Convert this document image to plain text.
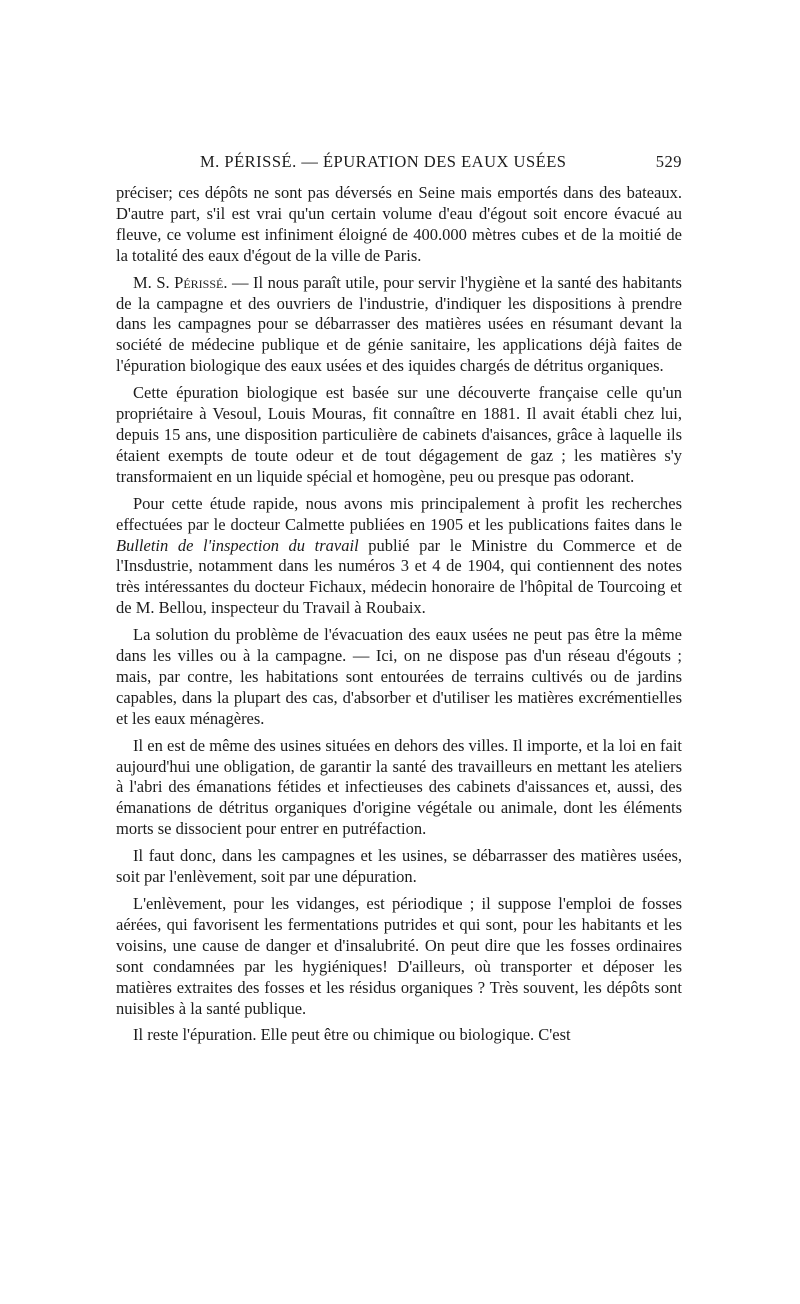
M. PÉRISSÉ. — ÉPURATION DES EAUX USÉES	529

préciser; ces dépôts ne sont pas déversés en Seine mais emportés dans des bateaux. D'autre part, s'il est vrai qu'un certain volume d'eau d'égout soit encore évacué au fleuve, ce volume est infiniment éloigné de 400.000 mètres cubes et de la moitié de la totalité des eaux d'égout de la ville de Paris.

M. S. Périssé. — Il nous paraît utile, pour servir l'hygiène et la santé des habitants de la campagne et des ouvriers de l'industrie, d'indiquer les dispositions à prendre dans les campagnes pour se débarrasser des matières usées en résumant devant la société de médecine publique et de génie sanitaire, les applications déjà faites de l'épuration biologique des eaux usées et des iquides chargés de détritus organiques.

Cette épuration biologique est basée sur une découverte française celle qu'un propriétaire à Vesoul, Louis Mouras, fit connaître en 1881. Il avait établi chez lui, depuis 15 ans, une disposition particulière de cabinets d'aisances, grâce à laquelle ils étaient exempts de toute odeur et de tout dégagement de gaz ; les matières s'y transformaient en un liquide spécial et homogène, peu ou presque pas odorant.

Pour cette étude rapide, nous avons mis principalement à profit les recherches effectuées par le docteur Calmette publiées en 1905 et les publications faites dans le Bulletin de l'inspection du travail publié par le Ministre du Commerce et de l'Insdustrie, notamment dans les numéros 3 et 4 de 1904, qui contiennent des notes très intéressantes du docteur Fichaux, médecin honoraire de l'hôpital de Tourcoing et de M. Bellou, inspecteur du Travail à Roubaix.

La solution du problème de l'évacuation des eaux usées ne peut pas être la même dans les villes ou à la campagne. — Ici, on ne dispose pas d'un réseau d'égouts ; mais, par contre, les habitations sont entourées de terrains cultivés ou de jardins capables, dans la plupart des cas, d'absorber et d'utiliser les matières excrémentielles et les eaux ménagères.

Il en est de même des usines situées en dehors des villes. Il importe, et la loi en fait aujourd'hui une obligation, de garantir la santé des travailleurs en mettant les ateliers à l'abri des émanations fétides et infectieuses des cabinets d'aissances et, aussi, des émanations de détritus organiques d'origine végétale ou animale, dont les éléments morts se dissocient pour entrer en putréfaction.

Il faut donc, dans les campagnes et les usines, se débarrasser des matières usées, soit par l'enlèvement, soit par une dépuration.

L'enlèvement, pour les vidanges, est périodique ; il suppose l'emploi de fosses aérées, qui favorisent les fermentations putrides et qui sont, pour les habitants et les voisins, une cause de danger et d'insalubrité. On peut dire que les fosses ordinaires sont condamnées par les hygiéniques! D'ailleurs, où transporter et déposer les matières extraites des fosses et les résidus organiques ? Très souvent, les dépôts sont nuisibles à la santé publique.

Il reste l'épuration. Elle peut être ou chimique ou biologique. C'est
